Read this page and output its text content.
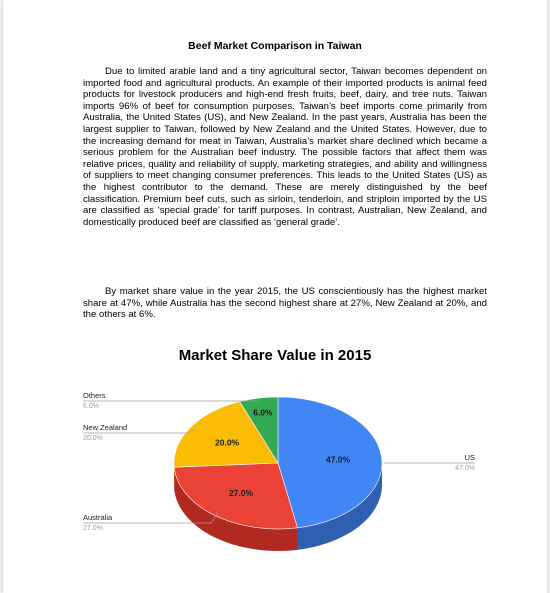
Beef Market Comparison in Taiwan

Due to limited arable land and a tiny agricultural sector, Taiwan becomes dependent on imported food and agricultural products. An example of their imported products is animal feed products for livestock producers and high-end fresh fruits, beef, dairy, and tree nuts. Taiwan imports 96% of beef for consumption purposes. Taiwan’s beef imports come primarily from Australia, the United States (US), and New Zealand. In the past years, Australia has been the largest supplier to Taiwan, followed by New Zealand and the United States. However, due to the increasing demand for meat in Taiwan, Australia’s market share declined which became a serious problem for the Australian beef industry. The possible factors that affect them was relative prices, quality and reliability of supply, marketing strategies, and ability and willingness of suppliers to meet changing consumer preferences. This leads to the United States (US) as the highest contributor to the demand. These are merely distinguished by the beef classification. Premium beef cuts, such as sirloin, tenderloin, and striploin imported by the US are classified as ‘special grade’ for tariff purposes. In contrast, Australian, New Zealand, and domestically produced beef are classified as ‘general grade’.

By market share value in the year 2015, the US conscientiously has the highest market share at 47%, while Australia has the second highest share at 27%, New Zealand at 20%, and the others at 6%.

Market Share Value in 2015
47.0%
27.0%
20.0%
6.0%
US
47.0%
Australia
27.0%
New Zealand
20.0%
Others
6.0%
